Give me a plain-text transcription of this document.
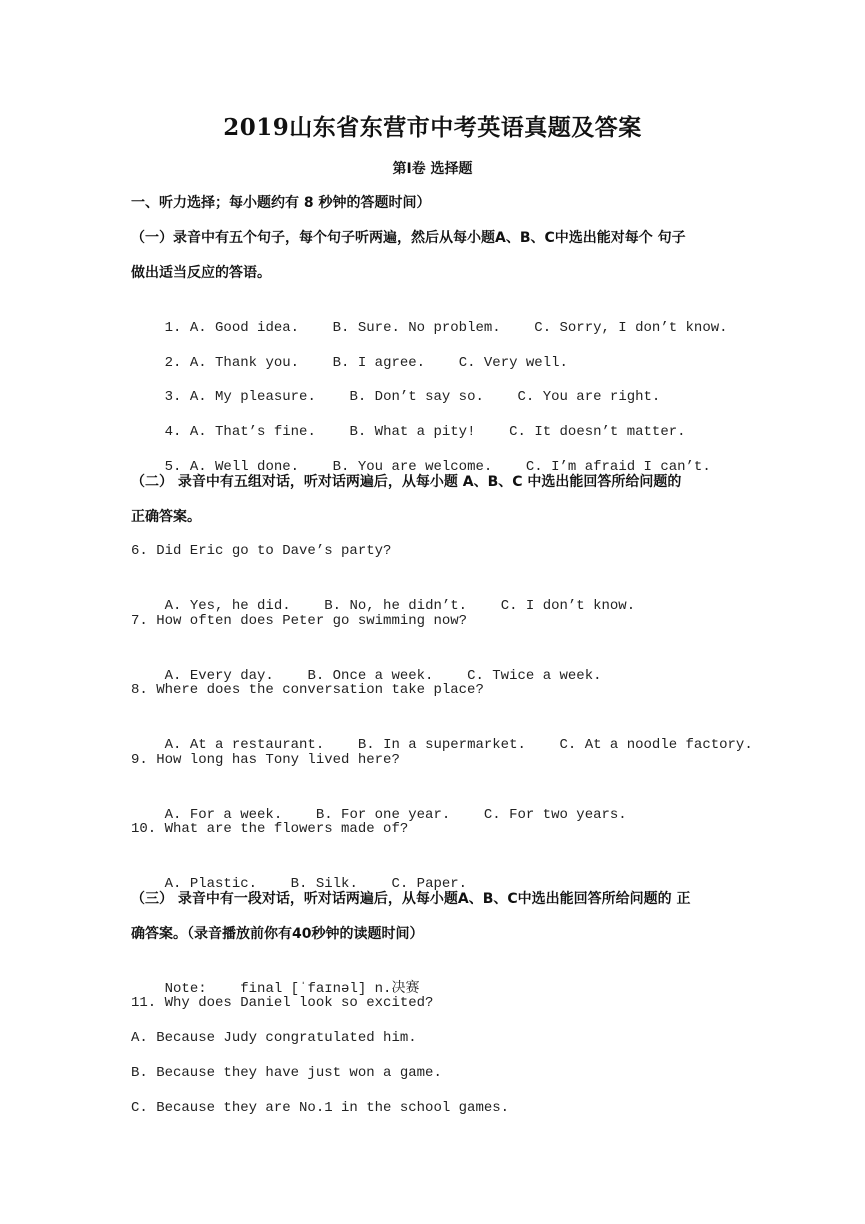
2019山东省东营市中考英语真题及答案
第Ⅰ卷 选择题
一、听力选择；每小题约有 8 秒钟的答题时间）
（一）录音中有五个句子，每个句子听两遍，然后从每小题A、B、C中选出能对每个 句子
做出适当反应的答语。

1. A. Good idea. B. Sure. No problem. C. Sorry, I don’t know.

2. A. Thank you. B. I agree. C. Very well.

3. A. My pleasure. B. Don’t say so. C. You are right.

4. A. That’s fine. B. What a pity! C. It doesn’t matter.

5. A. Well done. B. You are welcome. C. I’m afraid I can’t.

（二） 录音中有五组对话，听对话两遍后，从每小题 A、B、C 中选出能回答所给问题的
正确答案。
6. Did Eric go to Dave’s party?

A. Yes, he did. B. No, he didn’t. C. I don’t know.

7. How often does Peter go swimming now?

A. Every day. B. Once a week. C. Twice a week.

8. Where does the conversation take place?

A. At a restaurant. B. In a supermarket. C. At a noodle factory.

9. How long has Tony lived here?

A. For a week. B. For one year. C. For two years.

10. What are the flowers made of?

A. Plastic. B. Silk. C. Paper.

（三） 录音中有一段对话，听对话两遍后，从每小题A、B、C中选出能回答所给问题的 正
确答案。（录音播放前你有40秒钟的读题时间）

Note: final [ˈfaɪnəl] n.决赛

11. Why does Daniel look so excited?
A. Because Judy congratulated him.
B. Because they have just won a game.
C. Because they are No.1 in the school games.
